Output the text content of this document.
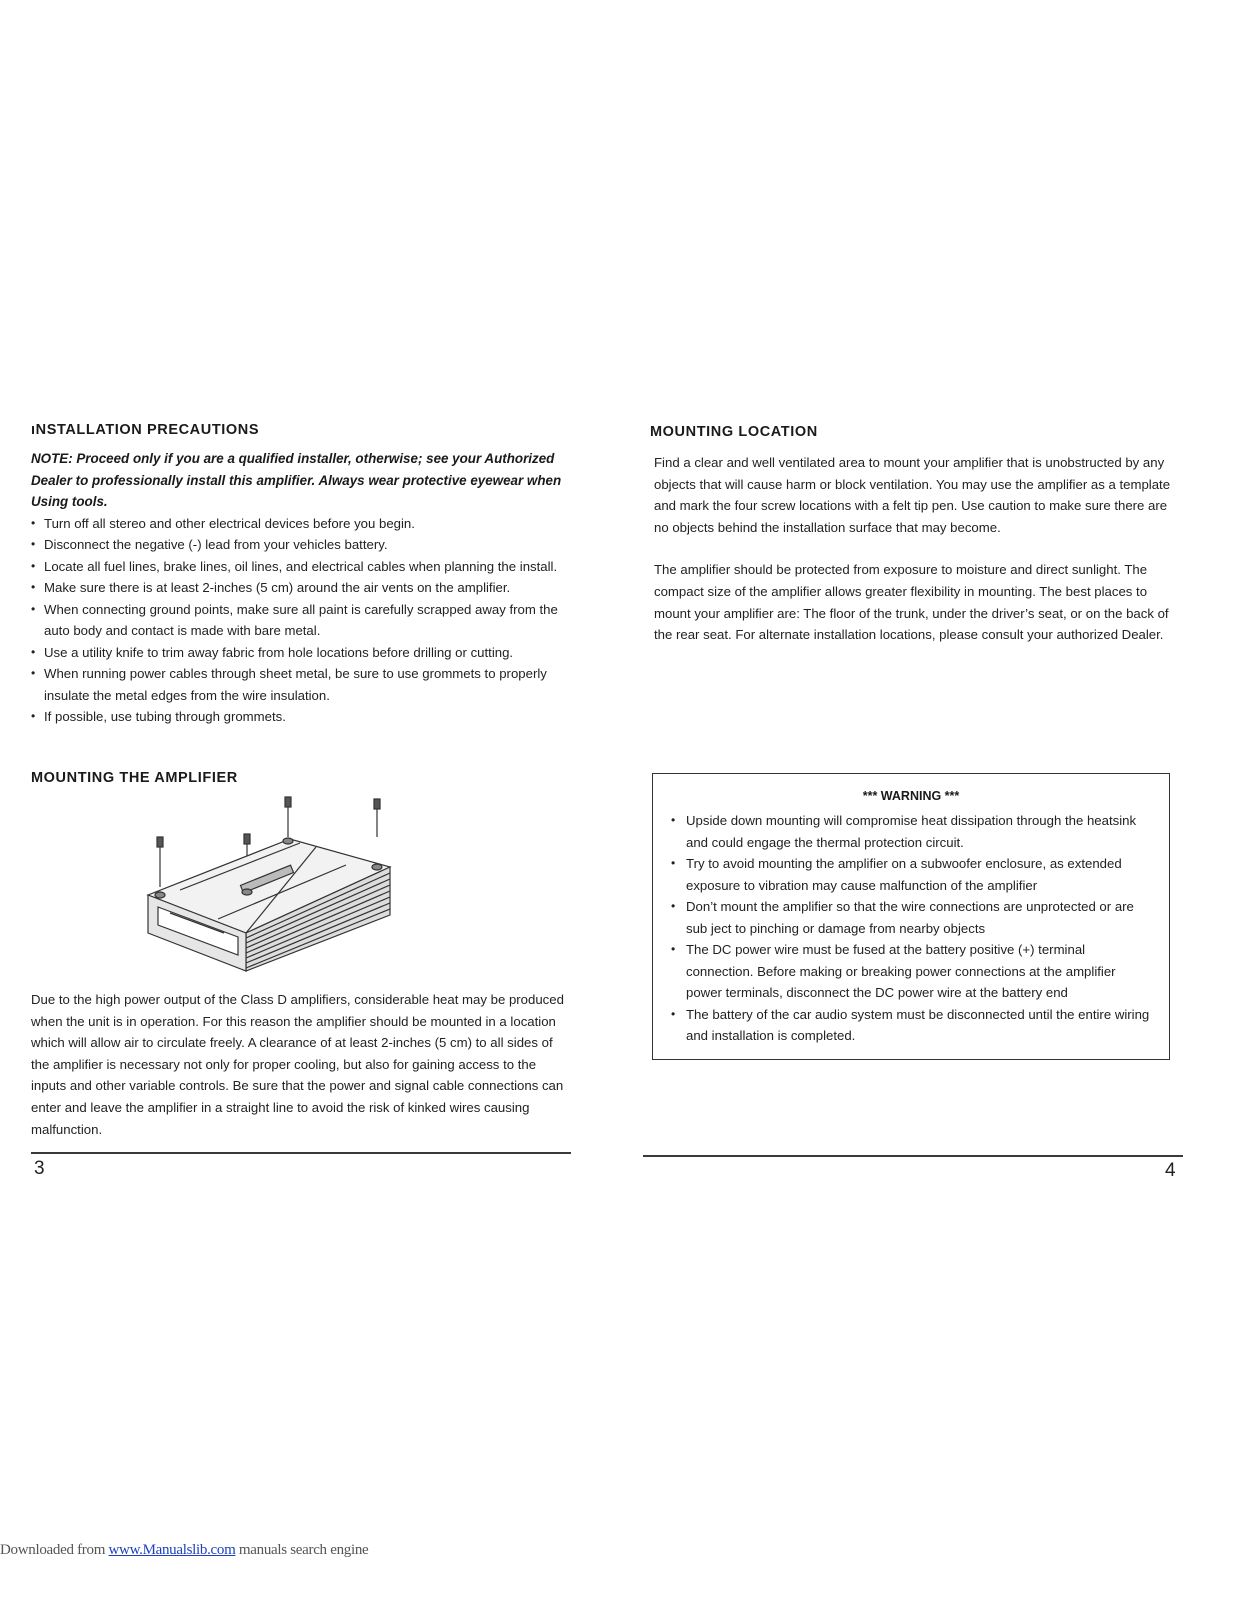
ıNSTALLATION PRECAUTIONS

NOTE: Proceed only if you are a qualified installer, otherwise; see your Authorized Dealer to professionally install this amplifier. Always wear protective eyewear when Using tools.

• Turn off all stereo and other electrical devices before you begin.
• Disconnect the negative (-) lead from your vehicles battery.
• Locate all fuel lines, brake lines, oil lines, and electrical cables when planning the install.
• Make sure there is at least 2-inches (5 cm) around the air vents on the amplifier.
• When connecting ground points, make sure all paint is carefully scrapped away from the auto body and contact is made with bare metal.
• Use a utility knife to trim away fabric from hole locations before drilling or cutting.
• When running power cables through sheet metal, be sure to use grommets to properly insulate the metal edges from the wire insulation.
• If possible, use tubing through grommets.
MOUNTING THE AMPLIFIER

Due to the high power output of the Class D amplifiers, considerable heat may be produced when the unit is in operation. For this reason the amplifier should be mounted in a location which will allow air to circulate freely. A clearance of at least 2-inches (5 cm) to all sides of the amplifier is necessary not only for proper cooling, but also for gaining access to the inputs and other variable controls. Be sure that the power and signal cable connections can enter and leave the amplifier in a straight line to avoid the risk of kinked wires causing malfunction.

3
MOUNTING LOCATION

Find a clear and well ventilated area to mount your amplifier that is unobstructed by any objects that will cause harm or block ventilation. You may use the amplifier as a template and mark the four screw locations with a felt tip pen. Use caution to make sure there are no objects behind the installation surface that may become.

The amplifier should be protected from exposure to moisture and direct sunlight. The compact size of the amplifier allows greater flexibility in mounting. The best places to mount your amplifier are: The floor of the trunk, under the driver’s seat, or on the back of the rear seat. For alternate installation locations, please consult your authorized Dealer.

*** WARNING ***
• Upside down mounting will compromise heat dissipation through the heatsink and could engage the thermal protection circuit.
• Try to avoid mounting the amplifier on a subwoofer enclosure, as extended exposure to vibration may cause malfunction of the amplifier
• Don’t mount the amplifier so that the wire connections are unprotected or are sub ject to pinching or damage from nearby objects
• The DC power wire must be fused at the battery positive (+) terminal connection. Before making or breaking power connections at the amplifier power terminals, disconnect the DC power wire at the battery end
• The battery of the car audio system must be disconnected until the entire wiring and installation is completed.
4
Downloaded from www.Manualslib.com manuals search engine
